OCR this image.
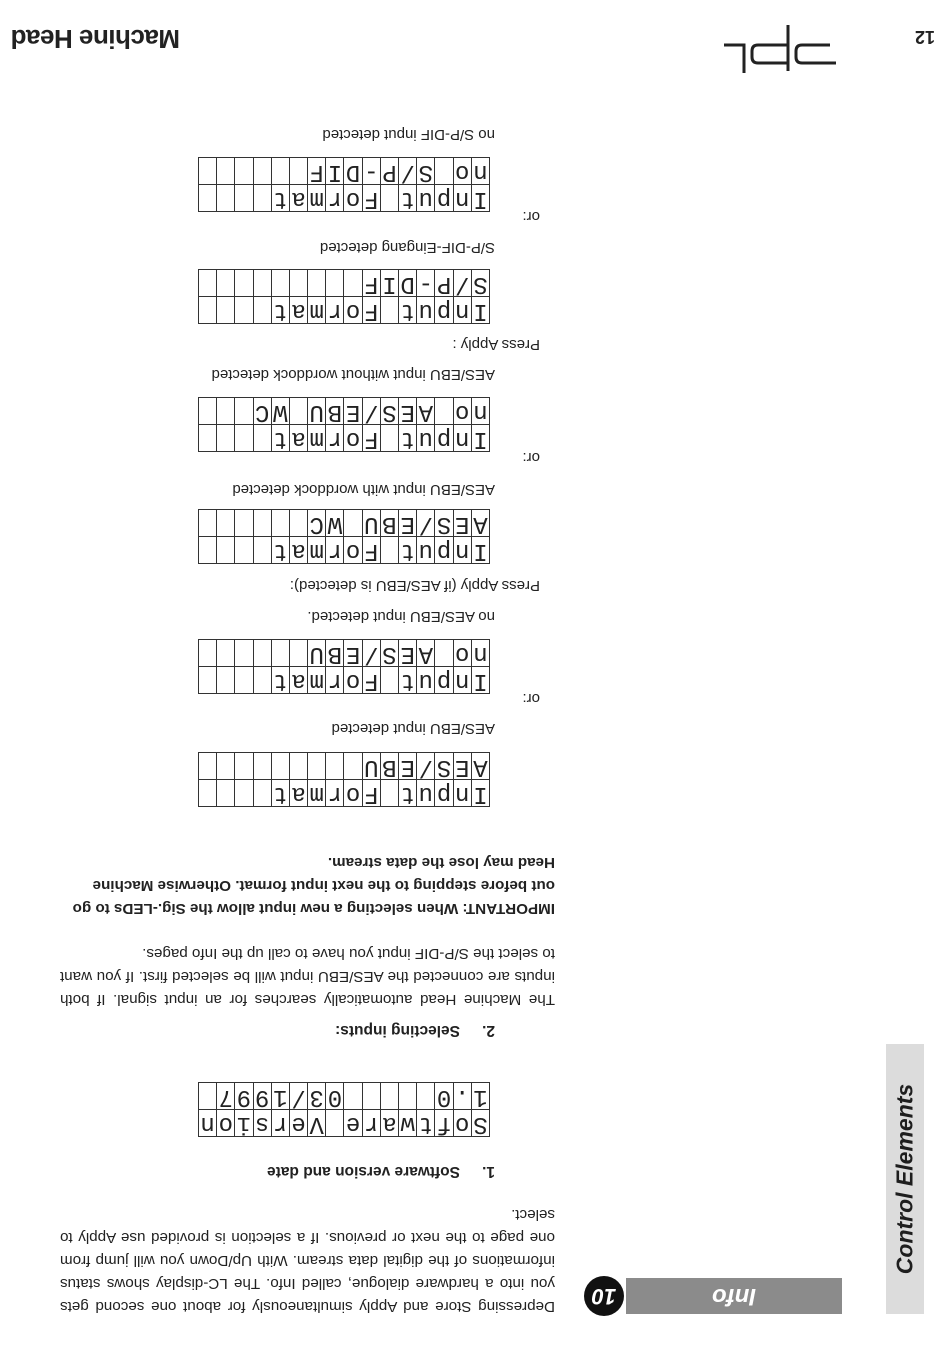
12
Machine Head
Control Elements
Info
10
Depressing Store and Apply simultaneously for about one second gets you into a hardware dialogue, called Info. The LC-display shows status informations of the digital data stream. With Up/Down you will jump from one page to the next or previous. If a selection is provided use Apply to select.
1.Software version and date
S	o	f	t	w	a	r	e		V	e	r	s	i	o	n
1	.	0						0	3	/	1	9	9	7	
2.Selecting inputs:
The Machine Head automatically searches for an input signal. If both inputs are connected the AES/EBU input will be selected first. If you want to select the S/P-DIF input you have to call up the Info pages.
IMPORTANT: When selecting a new input allow the Sig.-LEDs to go out before stepping to the next input format. Otherwise Machine Head may lose the data stream.
I	n	p	u	t		F	o	r	m	a	t				
A	E	S	/	E	B	U									
AES/EBU input detected
or:
I	n	p	u	t		F	o	r	m	a	t				
n	o		A	E	S	/	E	B	U						
no AES/EBU input detected.
Press Apply (if AES/EBU is detected):
I	n	p	u	t		F	o	r	m	a	t				
A	E	S	/	E	B	U		W	C						
AES/EBU input with worddock detected
or:
I	n	p	u	t		F	o	r	m	a	t				
n	o		A	E	S	/	E	B	U		W	C			
AES/EBU input without worddock detected
Press Apply :
I	n	p	u	t		F	o	r	m	a	t				
S	/	P	-	D	I	F									
S/P-DIF-Eingang detected
or:
I	n	p	u	t		F	o	r	m	a	t				
n	o		S	/	P	-	D	I	F						
no S/P-DIF input detected
